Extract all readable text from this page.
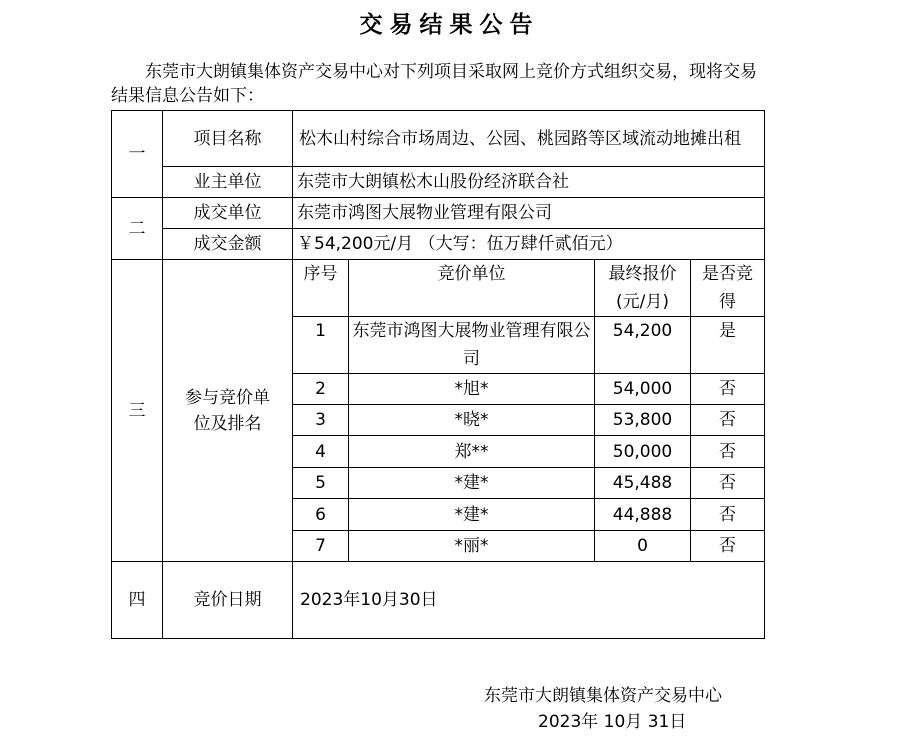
交易结果公告
东莞市大朗镇集体资产交易中心对下列项目采取网上竞价方式组织交易，现将交易结果信息公告如下：
一	项目名称	松木山村综合市场周边、公园、桃园路等区域流动地摊出租			
	业主单位	东莞市大朗镇松木山股份经济联合社			
二	成交单位	东莞市鸿图大展物业管理有限公司			
	成交金额	￥54,200元/月 （大写：伍万肆仟贰佰元）			
三	参与竞价单位及排名	序号	竞价单位	最终报价(元/月)	是否竞得

		1	东莞市鸿图大展物业管理有限公司	54,200	是
		2	*旭*	54,000	否
		3	*晓*	53,800	否
		4	郑**	50,000	否
		5	*建*	45,488	否
		6	*建*	44,888	否
		7	*丽*	0	否
四	竞价日期	2023年10月30日			
东莞市大朗镇集体资产交易中心
2023年 10月 31日
